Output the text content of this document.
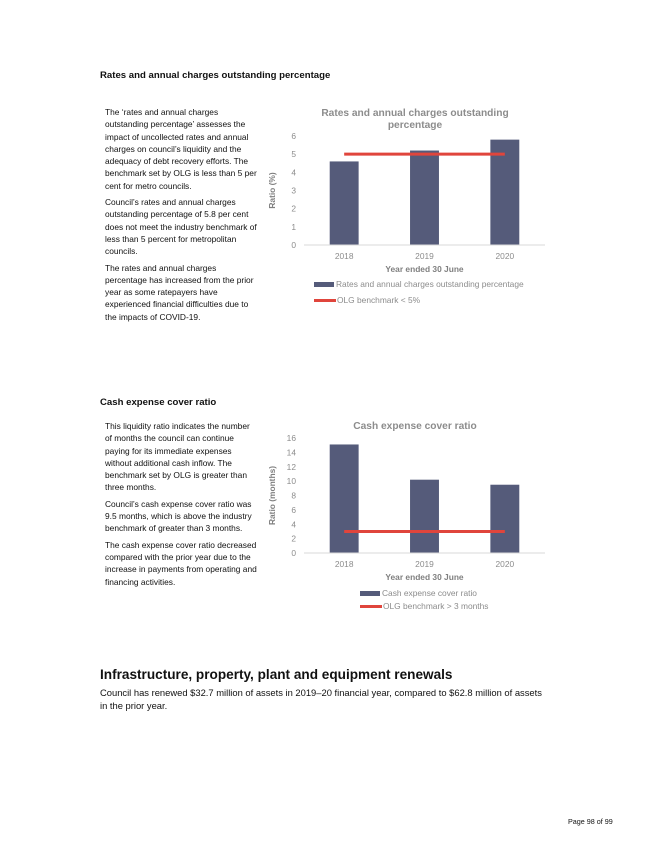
Rates and annual charges outstanding percentage

The ‘rates and annual charges outstanding percentage’ assesses the impact of uncollected rates and annual charges on council’s liquidity and the adequacy of debt recovery efforts. The benchmark set by OLG is less than 5 per cent for metro councils.

Council’s rates and annual charges outstanding percentage of 5.8 per cent does not meet the industry benchmark of less than 5 percent for metropolitan councils.

The rates and annual charges percentage has increased from the prior year as some ratepayers have experienced financial difficulties due to the impacts of COVID-19.

Rates and annual charges outstanding
percentage
0
1
2
3
4
5
6
Ratio (%)
2018	2019	2020
Year ended 30 June
Rates and annual charges outstanding percentage
OLG benchmark < 5%
Cash expense cover ratio

This liquidity ratio indicates the number of months the council can continue paying for its immediate expenses without additional cash inflow. The benchmark set by OLG is greater than three months.

Council’s cash expense cover ratio was 9.5 months, which is above the industry benchmark of greater than 3 months.

The cash expense cover ratio decreased compared with the prior year due to the increase in payments from operating and financing activities.

Cash expense cover ratio
0
2
4
6
8
10
12
14
16
Ratio (months)
2018	2019	2020
Year ended 30 June
Cash expense cover ratio
OLG benchmark > 3 months
Infrastructure, property, plant and equipment renewals
Council has renewed $32.7 million of assets in 2019–20 financial year, compared to $62.8 million of assets in the prior year.
Page 98 of 99
